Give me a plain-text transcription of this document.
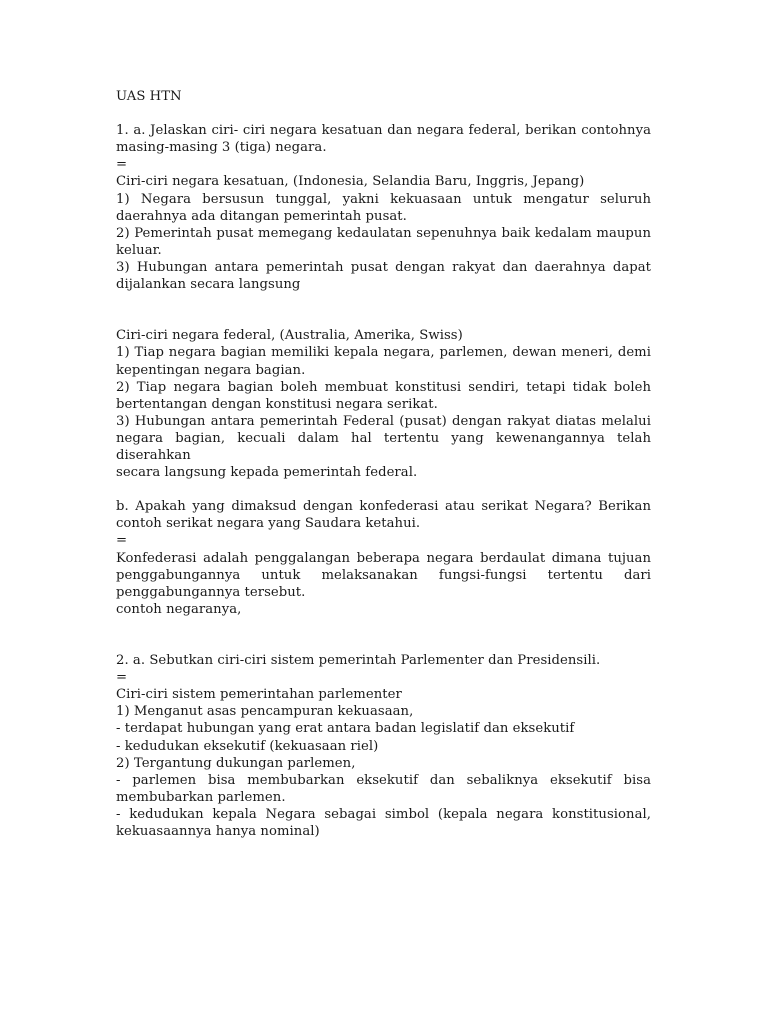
UAS HTN
1. a. Jelaskan ciri- ciri negara kesatuan dan negara federal, berikan contohnya
masing-masing 3 (tiga) negara.
=
Ciri-ciri negara kesatuan, (Indonesia, Selandia Baru, Inggris, Jepang)
1) Negara bersusun tunggal, yakni kekuasaan untuk mengatur seluruh
daerahnya ada ditangan pemerintah pusat.
2) Pemerintah pusat memegang kedaulatan sepenuhnya baik kedalam maupun
keluar.
3) Hubungan antara pemerintah pusat dengan rakyat dan daerahnya dapat
dijalankan secara langsung
Ciri-ciri negara federal, (Australia, Amerika, Swiss)
1) Tiap negara bagian memiliki kepala negara, parlemen, dewan meneri, demi
kepentingan negara bagian.
2) Tiap negara bagian boleh membuat konstitusi sendiri, tetapi tidak boleh
bertentangan dengan konstitusi negara serikat.
3) Hubungan antara pemerintah Federal (pusat) dengan rakyat diatas melalui
negara bagian, kecuali dalam hal tertentu yang kewenangannya telah diserahkan
secara langsung kepada pemerintah federal.
b. Apakah yang dimaksud dengan konfederasi atau serikat Negara? Berikan
contoh serikat negara yang Saudara ketahui.
=
Konfederasi adalah penggalangan beberapa negara berdaulat dimana tujuan
penggabungannya untuk melaksanakan fungsi-fungsi tertentu dari
penggabungannya tersebut.
contoh negaranya,
2. a. Sebutkan ciri-ciri sistem pemerintah Parlementer dan Presidensili.
=
Ciri-ciri sistem pemerintahan parlementer
1) Menganut asas pencampuran kekuasaan,
- terdapat hubungan yang erat antara badan legislatif dan eksekutif
- kedudukan eksekutif (kekuasaan riel)
2) Tergantung dukungan parlemen,
- parlemen bisa membubarkan eksekutif dan sebaliknya eksekutif bisa
membubarkan parlemen.
- kedudukan kepala Negara sebagai simbol (kepala negara konstitusional,
kekuasaannya hanya nominal)
